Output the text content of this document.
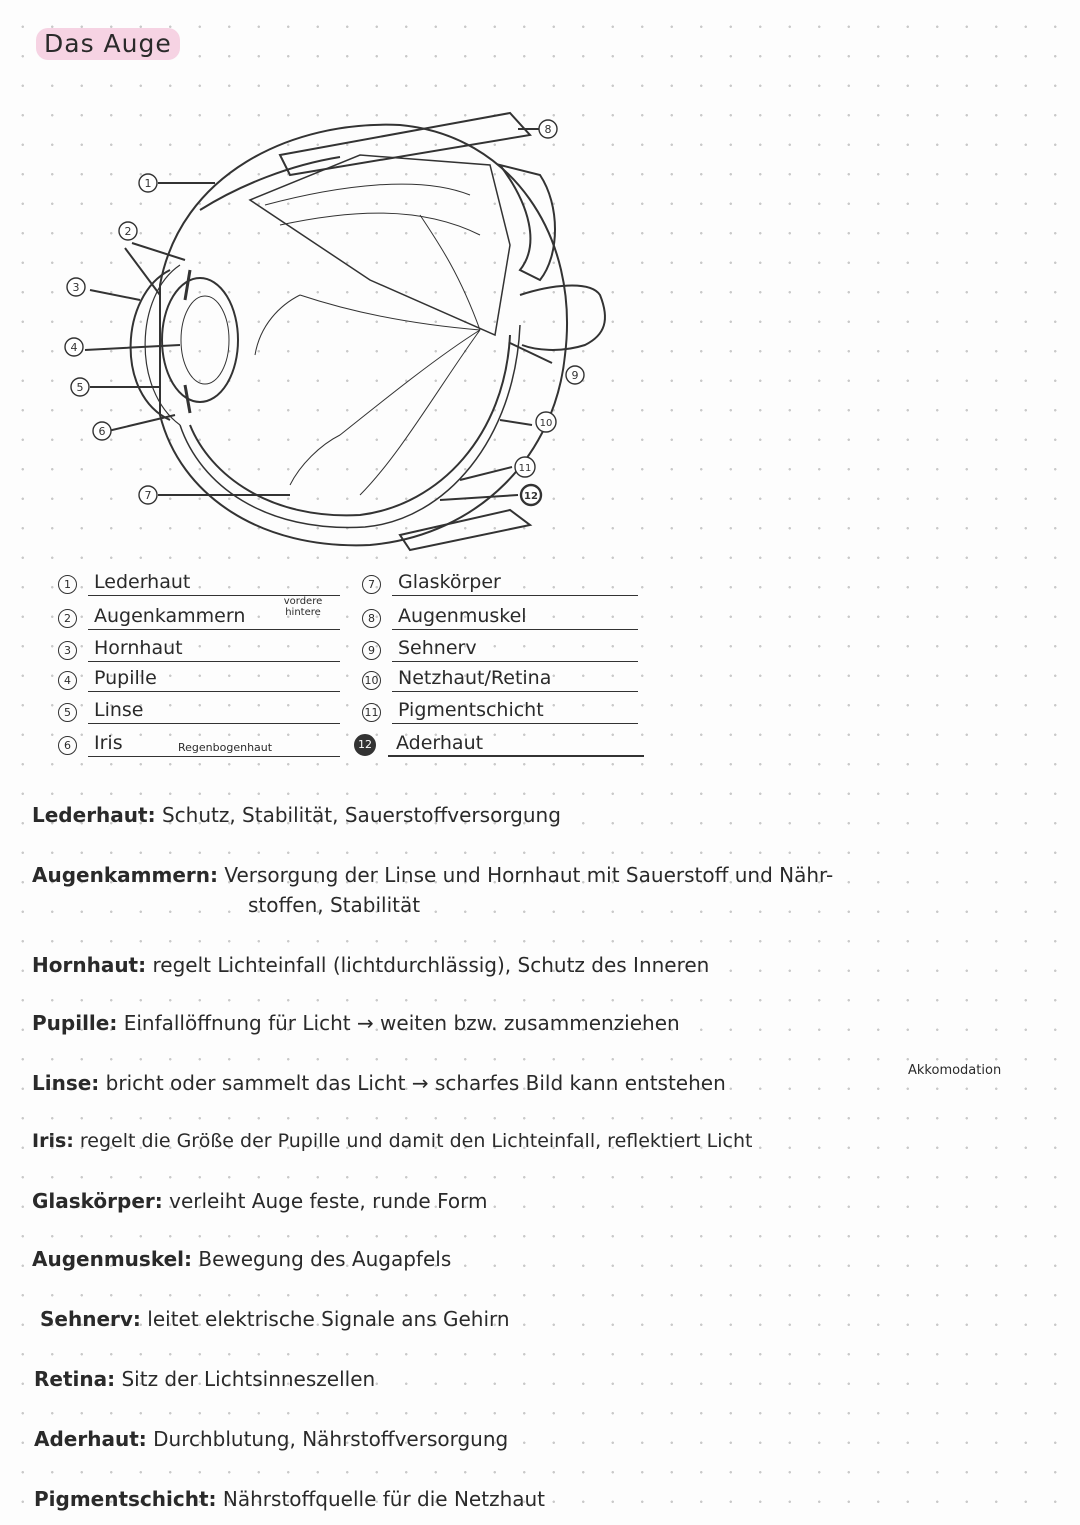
Das Auge
1
2
3
4
5
6
7
8
9
10
11
12
1	Lederhaut
2	Augenkammern
vordere
hintere
3	Hornhaut
4	Pupille
5	Linse
6	Iris	Regenbogenhaut
7	Glaskörper
8	Augenmuskel
9	Sehnerv
10 Netzhaut/Retina
11 Pigmentschicht
12 Aderhaut
Lederhaut: Schutz, Stabilität, Sauerstoffversorgung
Augenkammern: Versorgung der Linse und Hornhaut mit Sauerstoff und Nähr-
stoffen, Stabilität
Hornhaut: regelt Lichteinfall (lichtdurchlässig), Schutz des Inneren
Pupille: Einfallöffnung für Licht → weiten bzw. zusammenziehen
Akkomodation
Linse: bricht oder sammelt das Licht → scharfes Bild kann entstehen
Iris: regelt die Größe der Pupille und damit den Lichteinfall, reflektiert Licht
Glaskörper: verleiht Auge feste, runde Form
Augenmuskel: Bewegung des Augapfels
Sehnerv: leitet elektrische Signale ans Gehirn
Retina: Sitz der Lichtsinneszellen
Aderhaut: Durchblutung, Nährstoffversorgung
Pigmentschicht: Nährstoffquelle für die Netzhaut
